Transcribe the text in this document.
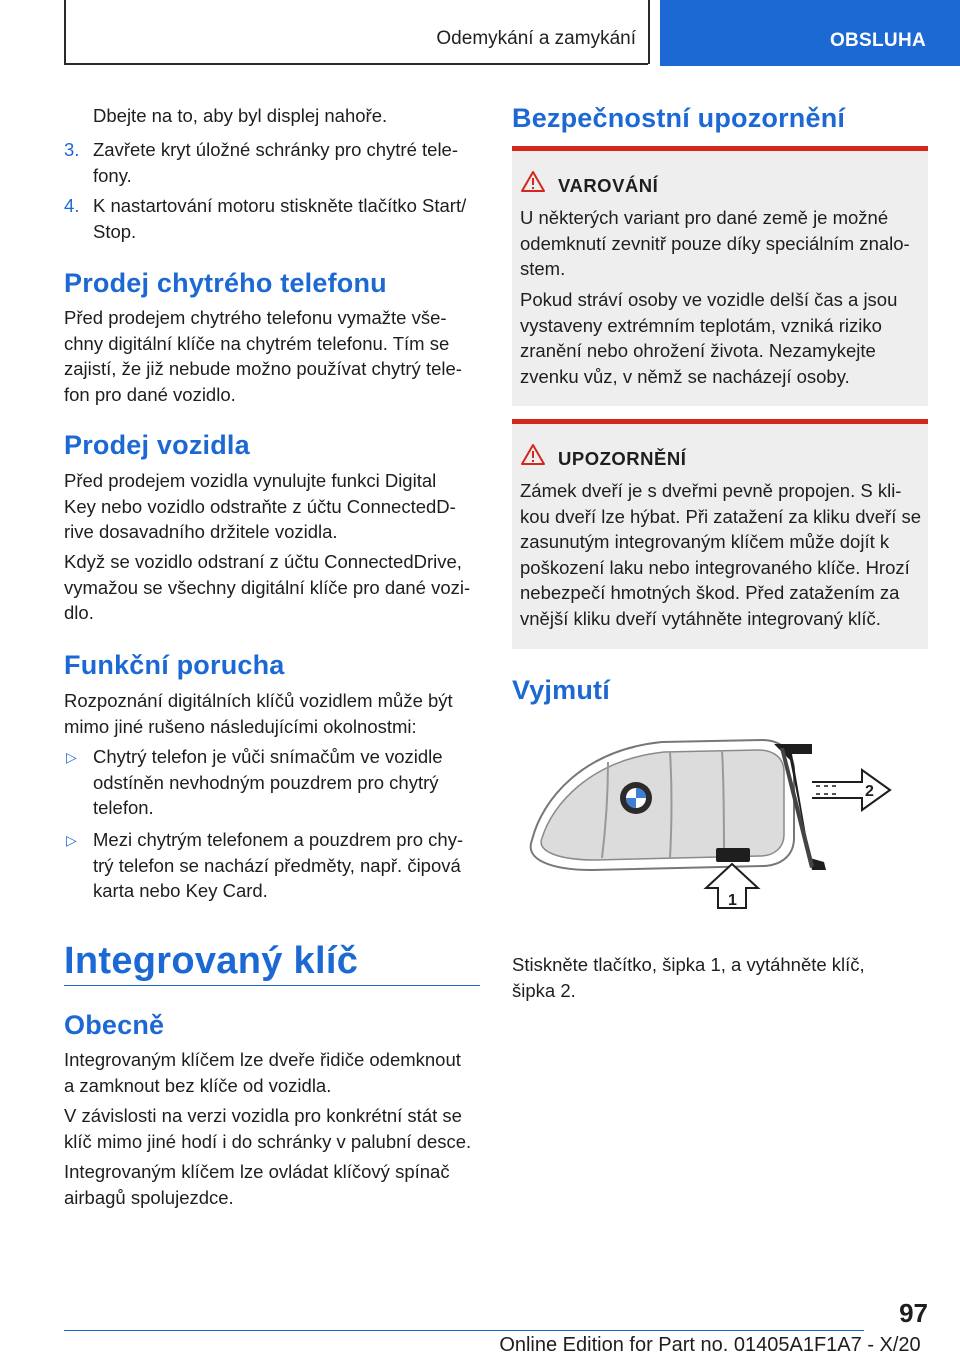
Odemykání a zamykání	OBSLUHA

Dbejte na to, aby byl displej nahoře.

3. Zavřete kryt úložné schránky pro chytré tele-
fony.

4. K nastartování motoru stiskněte tlačítko Start/
Stop.

Prodej chytrého telefonu

Před prodejem chytrého telefonu vymažte vše-
chny digitální klíče na chytrém telefonu. Tím se
zajistí, že již nebude možno používat chytrý tele-
fon pro dané vozidlo.

Prodej vozidla

Před prodejem vozidla vynulujte funkci Digital
Key nebo vozidlo odstraňte z účtu ConnectedD-
rive dosavadního držitele vozidla.

Když se vozidlo odstraní z účtu ConnectedDrive,
vymažou se všechny digitální klíče pro dané vozi-
dlo.

Funkční porucha

Rozpoznání digitálních klíčů vozidlem může být
mimo jiné rušeno následujícími okolnostmi:

▷ Chytrý telefon je vůči snímačům ve vozidle
odstíněn nevhodným pouzdrem pro chytrý
telefon.

▷ Mezi chytrým telefonem a pouzdrem pro chy-
trý telefon se nachází předměty, např. čipová
karta nebo Key Card.

Integrovaný klíč
Obecně

Integrovaným klíčem lze dveře řidiče odemknout
a zamknout bez klíče od vozidla.

V závislosti na verzi vozidla pro konkrétní stát se
klíč mimo jiné hodí i do schránky v palubní desce.

Integrovaným klíčem lze ovládat klíčový spínač
airbagů spolujezdce.

Bezpečnostní upozornění
VAROVÁNÍ

U některých variant pro dané země je možné
odemknutí zevnitř pouze díky speciálním znalo-
stem.

Pokud stráví osoby ve vozidle delší čas a jsou
vystaveny extrémním teplotám, vzniká riziko
zranění nebo ohrožení života. Nezamykejte
zvenku vůz, v němž se nacházejí osoby.

UPOZORNĚNÍ

Zámek dveří je s dveřmi pevně propojen. S kli-
kou dveří lze hýbat. Při zatažení za kliku dveří se
zasunutým integrovaným klíčem může dojít k
poškození laku nebo integrovaného klíče. Hrozí
nebezpečí hmotných škod. Před zatažením za
vnější kliku dveří vytáhněte integrovaný klíč.

Vyjmutí
2
1

Stiskněte tlačítko, šipka 1, a vytáhněte klíč,
šipka 2.

97
Online Edition for Part no. 01405A1F1A7 - X/20
